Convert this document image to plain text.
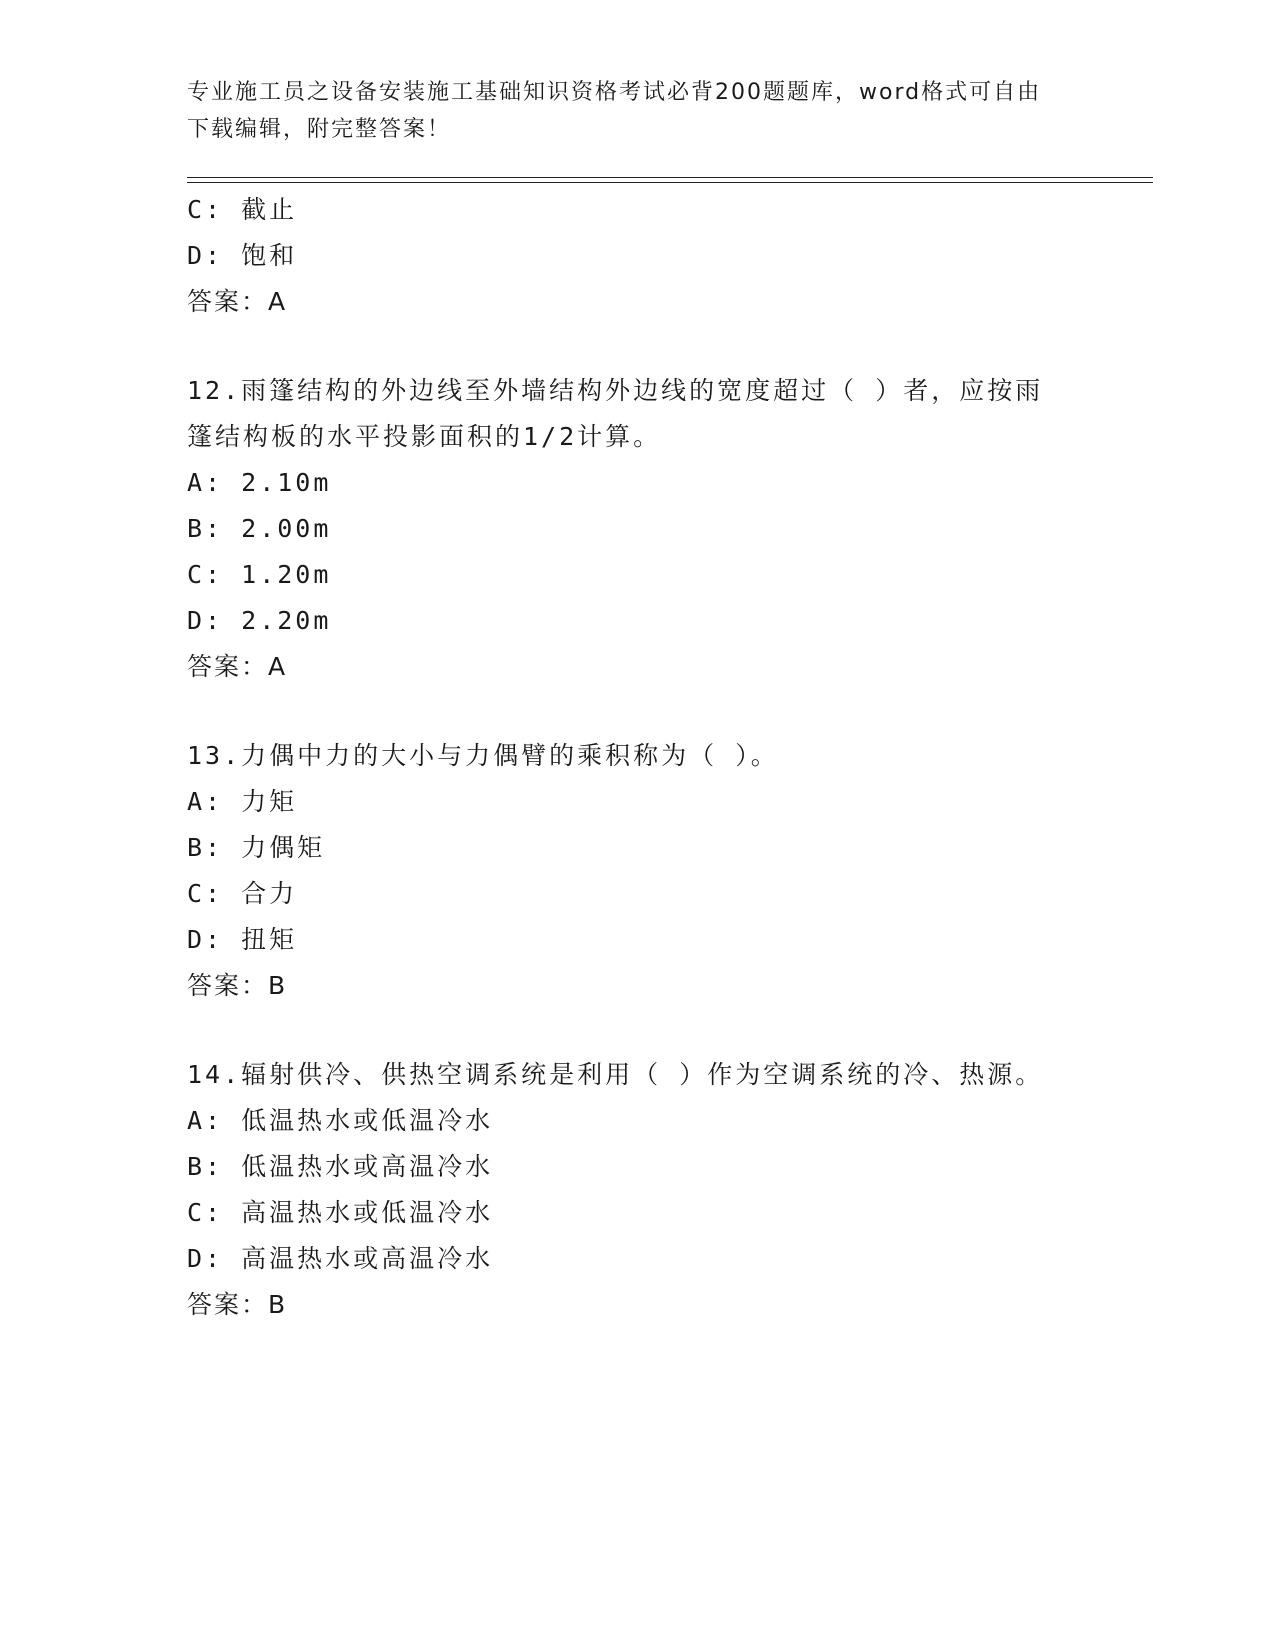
专业施工员之设备安装施工基础知识资格考试必背200题题库，word格式可自由
下载编辑，附完整答案！
C: 截止
D: 饱和
答案：A
12.雨篷结构的外边线至外墙结构外边线的宽度超过（ ）者，应按雨
篷结构板的水平投影面积的1/2计算。
A: 2.10m
B: 2.00m
C: 1.20m
D: 2.20m
答案：A
13.力偶中力的大小与力偶臂的乘积称为（ ）。
A: 力矩
B: 力偶矩
C: 合力
D: 扭矩
答案：B
14.辐射供冷、供热空调系统是利用（ ）作为空调系统的冷、热源。
A: 低温热水或低温冷水
B: 低温热水或高温冷水
C: 高温热水或低温冷水
D: 高温热水或高温冷水
答案：B
